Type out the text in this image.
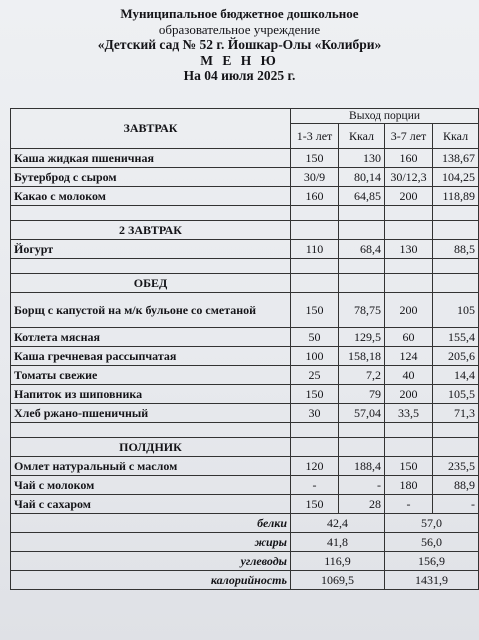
Муниципальное бюджетное дошкольное
образовательное учреждение
«Детский сад № 52 г. Йошкар-Олы «Колибри»
М Е Н Ю
На 04 июля 2025 г.
ЗАВТРАК	Выход порции			
	1-3 лет	Ккал	3-7 лет	Ккал
Каша жидкая пшеничная	150	130	160	138,67
Бутерброд с сыром	30/9	80,14	30/12,3	104,25
Какао с молоком	160	64,85	200	118,89

2 ЗАВТРАК				
Йогурт	110	68,4	130	88,5

ОБЕД				
Борщ с капустой на м/к бульоне со сметаной	150	78,75	200	105
Котлета мясная	50	129,5	60	155,4
Каша гречневая рассыпчатая	100	158,18	124	205,6
Томаты свежие	25	7,2	40	14,4
Напиток из шиповника	150	79	200	105,5
Хлеб ржано-пшеничный	30	57,04	33,5	71,3

ПОЛДНИК				
Омлет натуральный с маслом	120	188,4	150	235,5
Чай с молоком	-	-	180	88,9
Чай с сахаром	150	28	-	-
белки	42,4		57,0	
жиры	41,8		56,0	
углеводы	116,9		156,9	
калорийность	1069,5		1431,9	
